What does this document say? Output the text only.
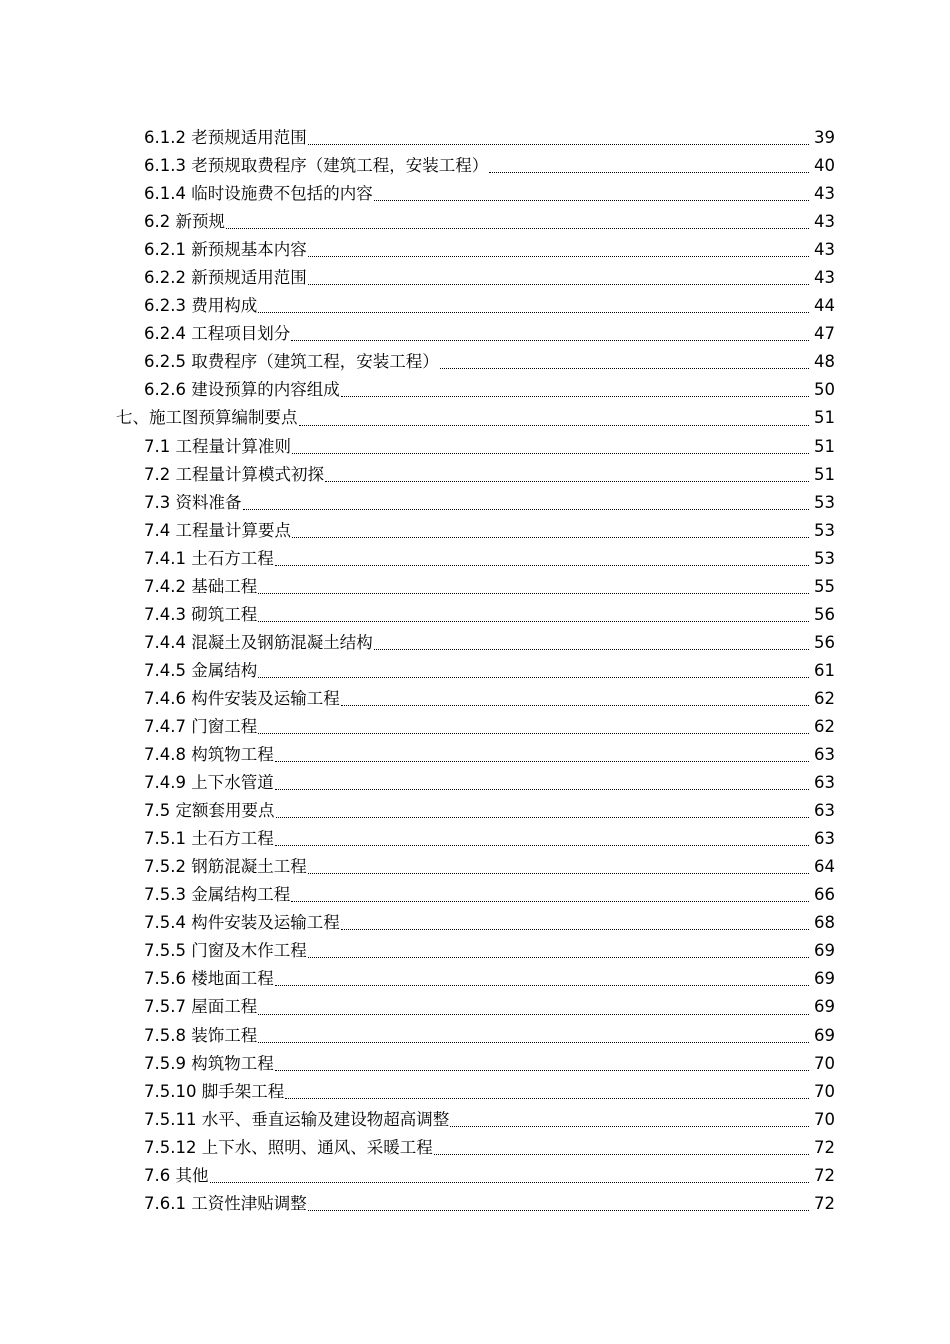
6.1.2 老预规适用范围	39
6.1.3 老预规取费程序（建筑工程，安装工程）	40
6.1.4 临时设施费不包括的内容	43
6.2 新预规	43
6.2.1 新预规基本内容	43
6.2.2 新预规适用范围	43
6.2.3 费用构成	44
6.2.4 工程项目划分	47
6.2.5 取费程序（建筑工程，安装工程）	48
6.2.6 建设预算的内容组成	50
七、施工图预算编制要点	51
7.1 工程量计算准则	51
7.2 工程量计算模式初探	51
7.3 资料准备	53
7.4 工程量计算要点	53
7.4.1 土石方工程	53
7.4.2 基础工程	55
7.4.3 砌筑工程	56
7.4.4 混凝土及钢筋混凝土结构	56
7.4.5 金属结构	61
7.4.6 构件安装及运输工程	62
7.4.7 门窗工程	62
7.4.8 构筑物工程	63
7.4.9 上下水管道	63
7.5 定额套用要点	63
7.5.1 土石方工程	63
7.5.2 钢筋混凝土工程	64
7.5.3 金属结构工程	66
7.5.4 构件安装及运输工程	68
7.5.5 门窗及木作工程	69
7.5.6 楼地面工程	69
7.5.7 屋面工程	69
7.5.8 装饰工程	69
7.5.9 构筑物工程	70
7.5.10 脚手架工程	70
7.5.11 水平、垂直运输及建设物超高调整	70
7.5.12 上下水、照明、通风、采暖工程	72
7.6 其他	72
7.6.1 工资性津贴调整	72
